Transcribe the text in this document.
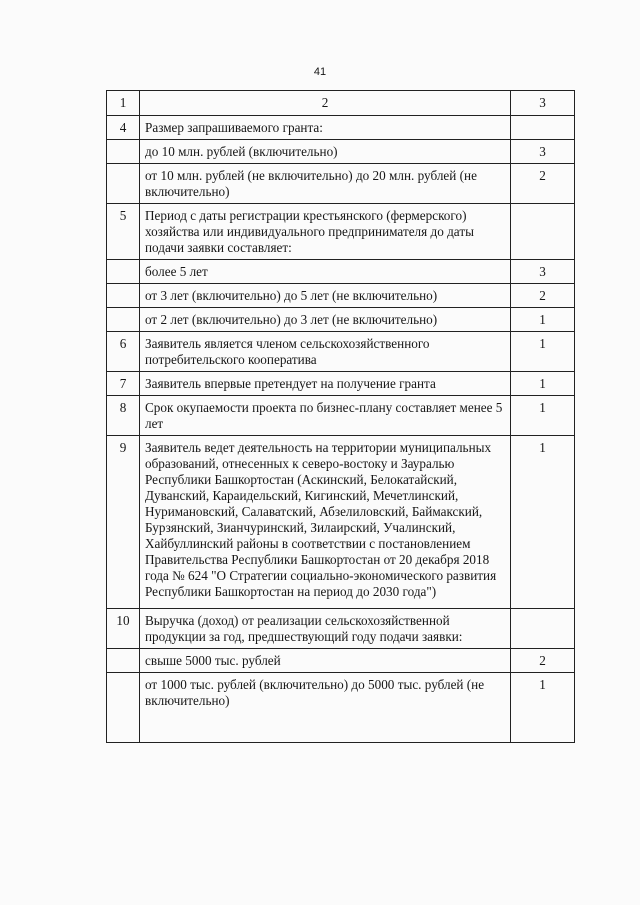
41
1	2	3
4	Размер запрашиваемого гранта:	
	до 10 млн. рублей (включительно)	3
	от 10 млн. рублей (не включительно) до 20 млн. рублей (не включительно)	2
5	Период с даты регистрации крестьянского (фермерского) хозяйства или индивидуального предпринимателя до даты подачи заявки составляет:	
	более 5 лет	3
	от 3 лет (включительно) до 5 лет (не включительно)	2
	от 2 лет (включительно) до 3 лет (не включительно)	1
6	Заявитель является членом сельскохозяйственного потребительского кооператива	1
7	Заявитель впервые претендует на получение гранта	1
8	Срок окупаемости проекта по бизнес-плану составляет менее 5 лет	1
9	Заявитель ведет деятельность на территории муниципальных образований, отнесенных к северо-востоку и Зауралью Республики Башкортостан (Аскинский, Белокатайский, Дуванский, Караидельский, Кигинский, Мечетлинский, Нуримановский, Салаватский, Абзелиловский, Баймакский, Бурзянский, Зианчуринский, Зилаирский, Учалинский, Хайбуллинский районы в соответствии с постановлением Правительства Республики Башкортостан от 20 декабря 2018 года № 624 "О Стратегии социально-экономического развития Республики Башкортостан на период до 2030 года")	1
10	Выручка (доход) от реализации сельскохозяйственной продукции за год, предшествующий году подачи заявки:	
	свыше 5000 тыс. рублей	2
	от 1000 тыс. рублей (включительно) до 5000 тыс. рублей (не включительно)	1
